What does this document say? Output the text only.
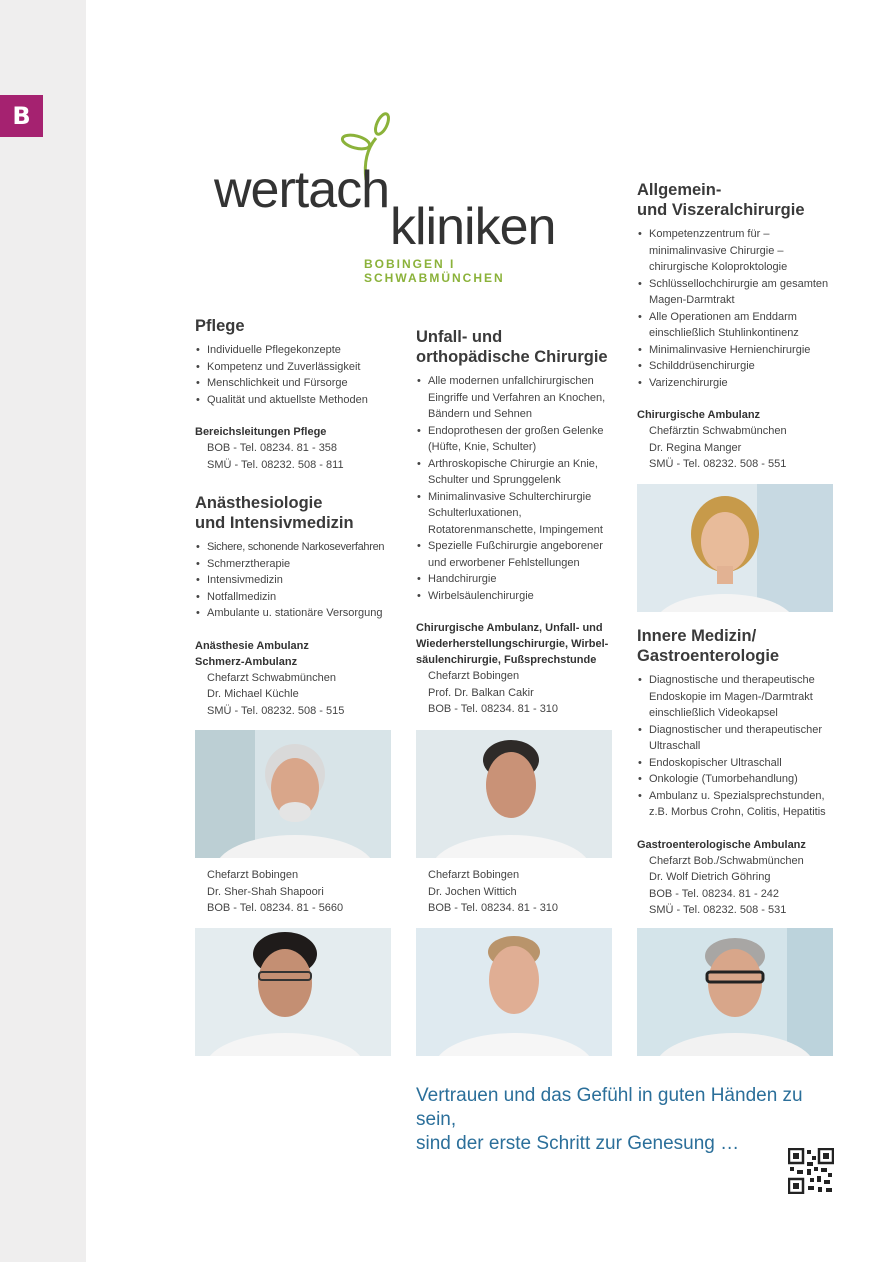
B
wertach
kliniken
BOBINGEN I SCHWABMÜNCHEN
Pflege
• Individuelle Pflegekonzepte
• Kompetenz und Zuverlässigkeit
• Menschlichkeit und Fürsorge
• Qualität und aktuellste Methoden
Bereichsleitungen Pflege
BOB - Tel. 08234. 81 - 358
SMÜ - Tel. 08232. 508 - 811
Anästhesiologie
und Intensivmedizin
• Sichere, schonende Narkoseverfahren
• Schmerztherapie
• Intensivmedizin
• Notfallmedizin
• Ambulante u. stationäre Versorgung
Anästhesie Ambulanz
Schmerz-Ambulanz
Chefarzt Schwabmünchen
Dr. Michael Küchle
SMÜ - Tel. 08232. 508 - 515
Unfall- und
orthopädische Chirurgie
• Alle modernen unfallchirurgischen Eingriffe und Verfahren an Knochen, Bändern und Sehnen
• Endoprothesen der großen Gelenke (Hüfte, Knie, Schulter)
• Arthroskopische Chirurgie an Knie, Schulter und Sprunggelenk
• Minimalinvasive Schulterchirurgie Schulterluxationen, Rotatorenmanschette, Impingement
• Spezielle Fußchirurgie angeborener und erworbener Fehlstellungen
• Handchirurgie
• Wirbelsäulenchirurgie
Chirurgische Ambulanz, Unfall- und
Wiederherstellungschirurgie, Wirbel-
säulenchirurgie, Fußsprechstunde
Chefarzt Bobingen
Prof. Dr. Balkan Cakir
BOB - Tel. 08234. 81 - 310
Allgemein-
und Viszeralchirurgie
• Kompetenzzentrum für – minimalinvasive Chirurgie – chirurgische Koloproktologie
• Schlüssellochchirurgie am gesamten Magen-Darmtrakt
• Alle Operationen am Enddarm einschließlich Stuhlinkontinenz
• Minimalinvasive Hernienchirurgie
• Schilddrüsenchirurgie
• Varizenchirurgie
Chirurgische Ambulanz
Chefärztin Schwabmünchen
Dr. Regina Manger
SMÜ - Tel. 08232. 508 - 551
Innere Medizin/
Gastroenterologie
• Diagnostische und therapeutische Endoskopie im Magen-/Darmtrakt einschließlich Videokapsel
• Diagnostischer und therapeutischer Ultraschall
• Endoskopischer Ultraschall
• Onkologie (Tumorbehandlung)
• Ambulanz u. Spezialsprechstunden, z.B. Morbus Crohn, Colitis, Hepatitis
Gastroenterologische Ambulanz
Chefarzt Bob./Schwabmünchen
Dr. Wolf Dietrich Göhring
BOB - Tel. 08234. 81 - 242
SMÜ - Tel. 08232. 508 - 531
Chefarzt Bobingen
Dr. Sher-Shah Shapoori
BOB - Tel. 08234. 81 - 5660
Chefarzt Bobingen
Dr. Jochen Wittich
BOB - Tel. 08234. 81 - 310
Vertrauen und das Gefühl in guten Händen zu sein,
sind der erste Schritt zur Genesung …
